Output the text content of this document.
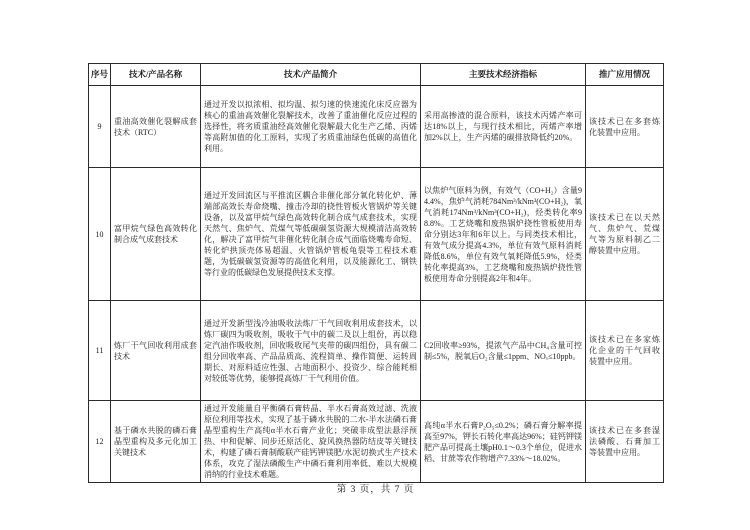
序号	技术/产品名称	技术/产品简介	主要技术经济指标	推广应用情况
9	重油高效催化裂解成套技术（RTC）	通过开发以拟浓相、拟均温、拟匀速的快速流化床反应器为核心的重油高效催化裂解技术，改善了重油催化反应过程的选择性，将劣质重油经高效催化裂解最大化生产乙烯、丙烯等高附加值的化工原料，实现了劣质重油绿色低碳的高值化利用。	采用高掺渣的混合原料，该技术丙烯产率可达18%以上，与现行技术相比，丙烯产率增加2%以上，生产丙烯的碳排放降低约20%。	该技术已在多套炼化装置中应用。
10	富甲烷气绿色高效转化制合成气成套技术	通过开发回流区与平推流区耦合非催化部分氧化转化炉、薄端部高效长寿命烧嘴、撞击冷却的挠性管板火管锅炉等关键设备，以及富甲烷气绿色高效转化制合成气成套技术，实现天然气、焦炉气、荒煤气等低碳碳氢资源大规模清洁高效转化，解决了富甲烷气非催化转化制合成气面临烧嘴寿命短、转化炉拱顶壳体易超温、火管锅炉管板龟裂等工程技术难题，为低碳碳氢资源等的高值化利用，以及能源化工、钢铁等行业的低碳绿色发展提供技术支撑。	以焦炉气原料为例，有效气（CO+H₂）含量94.4%，焦炉气消耗784Nm³/kNm³(CO+H₂)，氧气消耗174Nm³/kNm³(CO+H₂)，烃类转化率98.8%。工艺烧嘴和废热锅炉挠性管板使用寿命分别达3年和6年以上。与同类技术相比，有效气成分提高4.3%，单位有效气原料消耗降低8.6%，单位有效气氧耗降低5.9%，烃类转化率提高3%，工艺烧嘴和废热锅炉挠性管板使用寿命分别提高2年和4年。	该技术已在以天然气、焦炉气、荒煤气等为原料制乙二醇装置中应用。
11	炼厂干气回收利用成套技术	通过开发新型浅冷油吸收法炼厂干气回收利用成套技术，以炼厂碳四为吸收剂，吸收干气中的碳二及以上组份，再以稳定汽油作吸收剂，回收吸收尾气夹带的碳四组份，具有碳二组分回收率高、产品品质高、流程简单、操作简便、运转周期长、对原料适应性强、占地面积小、投资少、综合能耗相对较低等优势，能够提高炼厂干气利用价值。	C2回收率≥93%，提浓气产品中CH₄含量可控制≤5%，脱氧后O₂含量≤1ppm、NOₓ≤10ppb。	该技术已在多家炼化企业的干气回收装置中应用。
12	基于磷水共脱的磷石膏晶型重构及多元化加工关键技术	通过开发能量自平衡磷石膏转晶、半水石膏高效过滤、洗液原位利用等技术，实现了基于磷水共脱的二水-半水法磷石膏晶型重构生产高纯α半水石膏产业化；突破非成型法悬浮预热、中和促解、同步还原活化、旋风换热器防结皮等关键技术，构建了磷石膏制酸联产硅钙钾镁肥/水泥切换式生产技术体系，攻克了湿法磷酸生产中磷石膏利用率低、难以大规模消纳的行业技术难题。	高纯α半水石膏P₂O₅≤0.2%；磷石膏分解率提高至97%，钾长石转化率高达96%；硅钙钾镁肥产品可提高土壤pH0.1～0.3个单位，促进水稻、甘蔗等农作物增产7.33%～18.02%。	该技术已在多套湿法磷酸、石膏加工等装置中应用。
第 3 页，共 7 页
